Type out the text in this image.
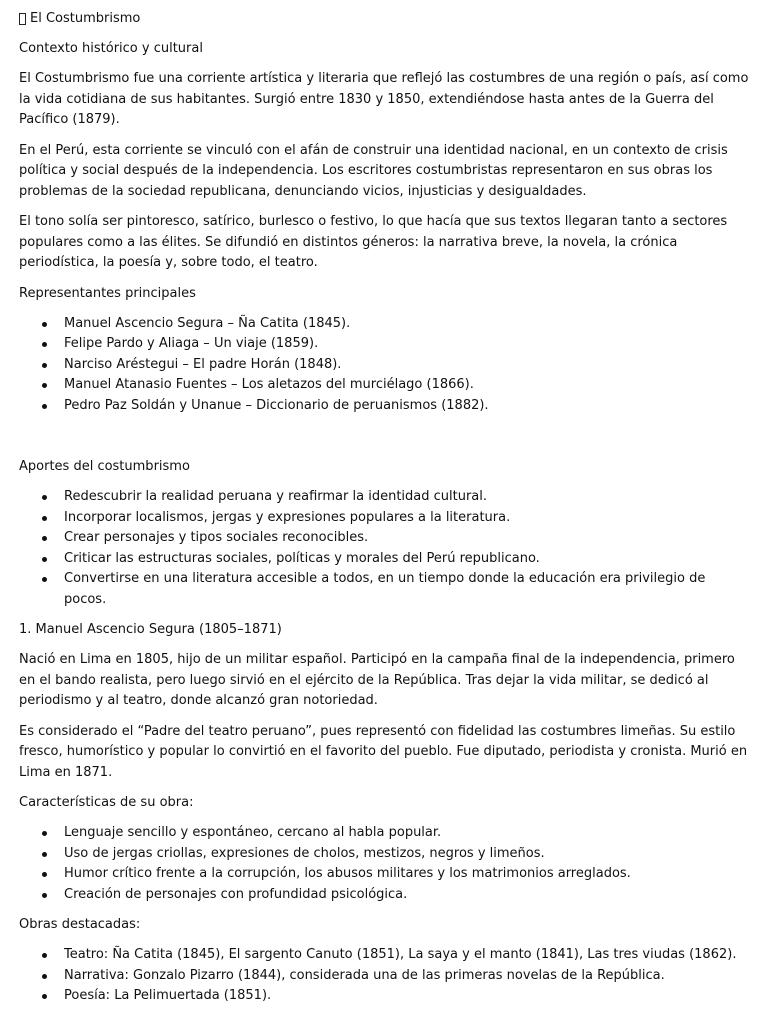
El Costumbrismo
Contexto histórico y cultural

El Costumbrismo fue una corriente artística y literaria que reflejó las costumbres de una región o país, así como la vida cotidiana de sus habitantes. Surgió entre 1830 y 1850, extendiéndose hasta antes de la Guerra del Pacífico (1879).

En el Perú, esta corriente se vinculó con el afán de construir una identidad nacional, en un contexto de crisis política y social después de la independencia. Los escritores costumbristas representaron en sus obras los problemas de la sociedad republicana, denunciando vicios, injusticias y desigualdades.

El tono solía ser pintoresco, satírico, burlesco o festivo, lo que hacía que sus textos llegaran tanto a sectores populares como a las élites. Se difundió en distintos géneros: la narrativa breve, la novela, la crónica periodística, la poesía y, sobre todo, el teatro.

Representantes principales
Manuel Ascencio Segura – Ña Catita (1845).
Felipe Pardo y Aliaga – Un viaje (1859).
Narciso Aréstegui – El padre Horán (1848).
Manuel Atanasio Fuentes – Los aletazos del murciélago (1866).
Pedro Paz Soldán y Unanue – Diccionario de peruanismos (1882).
Aportes del costumbrismo
Redescubrir la realidad peruana y reafirmar la identidad cultural.
Incorporar localismos, jergas y expresiones populares a la literatura.
Crear personajes y tipos sociales reconocibles.
Criticar las estructuras sociales, políticas y morales del Perú republicano.
Convertirse en una literatura accesible a todos, en un tiempo donde la educación era privilegio de pocos.
1. Manuel Ascencio Segura (1805–1871)

Nació en Lima en 1805, hijo de un militar español. Participó en la campaña final de la independencia, primero en el bando realista, pero luego sirvió en el ejército de la República. Tras dejar la vida militar, se dedicó al periodismo y al teatro, donde alcanzó gran notoriedad.

Es considerado el “Padre del teatro peruano”, pues representó con fidelidad las costumbres limeñas. Su estilo fresco, humorístico y popular lo convirtió en el favorito del pueblo. Fue diputado, periodista y cronista. Murió en Lima en 1871.

Características de su obra:
Lenguaje sencillo y espontáneo, cercano al habla popular.
Uso de jergas criollas, expresiones de cholos, mestizos, negros y limeños.
Humor crítico frente a la corrupción, los abusos militares y los matrimonios arreglados.
Creación de personajes con profundidad psicológica.
Obras destacadas:
Teatro: Ña Catita (1845), El sargento Canuto (1851), La saya y el manto (1841), Las tres viudas (1862).
Narrativa: Gonzalo Pizarro (1844), considerada una de las primeras novelas de la República.
Poesía: La Pelimuertada (1851).
